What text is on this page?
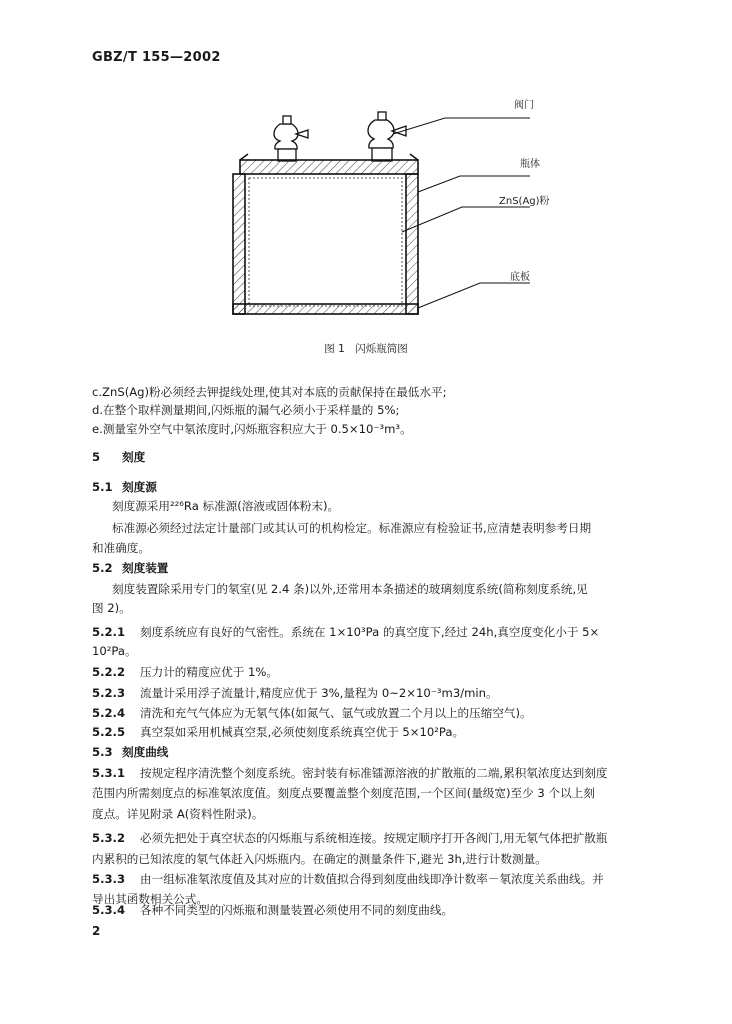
GBZ/T 155—2002
阀门
瓶体
ZnS(Ag)粉
底板
图 1　闪烁瓶简图
c.ZnS(Ag)粉必须经去钾提线处理,使其对本底的贡献保持在最低水平;
d.在整个取样测量期间,闪烁瓶的漏气必须小于采样量的 5%;
e.测量室外空气中氡浓度时,闪烁瓶容积应大于 0.5×10⁻³m³。
5 刻度
5.1 刻度源
刻度源采用²²⁶Ra 标准源(溶液或固体粉末)。
标准源必须经过法定计量部门或其认可的机构检定。标准源应有检验证书,应清楚表明参考日期
和准确度。
5.2 刻度装置
刻度装置除采用专门的氡室(见 2.4 条)以外,还常用本条描述的玻璃刻度系统(简称刻度系统,见
图 2)。
5.2.1 刻度系统应有良好的气密性。系统在 1×10³Pa 的真空度下,经过 24h,真空度变化小于 5×
10²Pa。
5.2.2 压力计的精度应优于 1%。
5.2.3 流量计采用浮子流量计,精度应优于 3%,量程为 0~2×10⁻³m3/min。
5.2.4 清洗和充气气体应为无氡气体(如氮气、氩气或放置二个月以上的压缩空气)。
5.2.5 真空泵如采用机械真空泵,必须使刻度系统真空优于 5×10²Pa。
5.3 刻度曲线
5.3.1 按规定程序清洗整个刻度系统。密封装有标准镭源溶液的扩散瓶的二端,累积氡浓度达到刻度
范围内所需刻度点的标准氡浓度值。刻度点要覆盖整个刻度范围,一个区间(量级宽)至少 3 个以上刻
度点。详见附录 A(资料性附录)。
5.3.2 必须先把处于真空状态的闪烁瓶与系统相连接。按规定顺序打开各阀门,用无氡气体把扩散瓶
内累积的已知浓度的氡气体赶入闪烁瓶内。在确定的测量条件下,避光 3h,进行计数测量。
5.3.3 由一组标准氡浓度值及其对应的计数值拟合得到刻度曲线即净计数率－氡浓度关系曲线。并
导出其函数相关公式。
5.3.4 各种不同类型的闪烁瓶和测量装置必须使用不同的刻度曲线。
2
